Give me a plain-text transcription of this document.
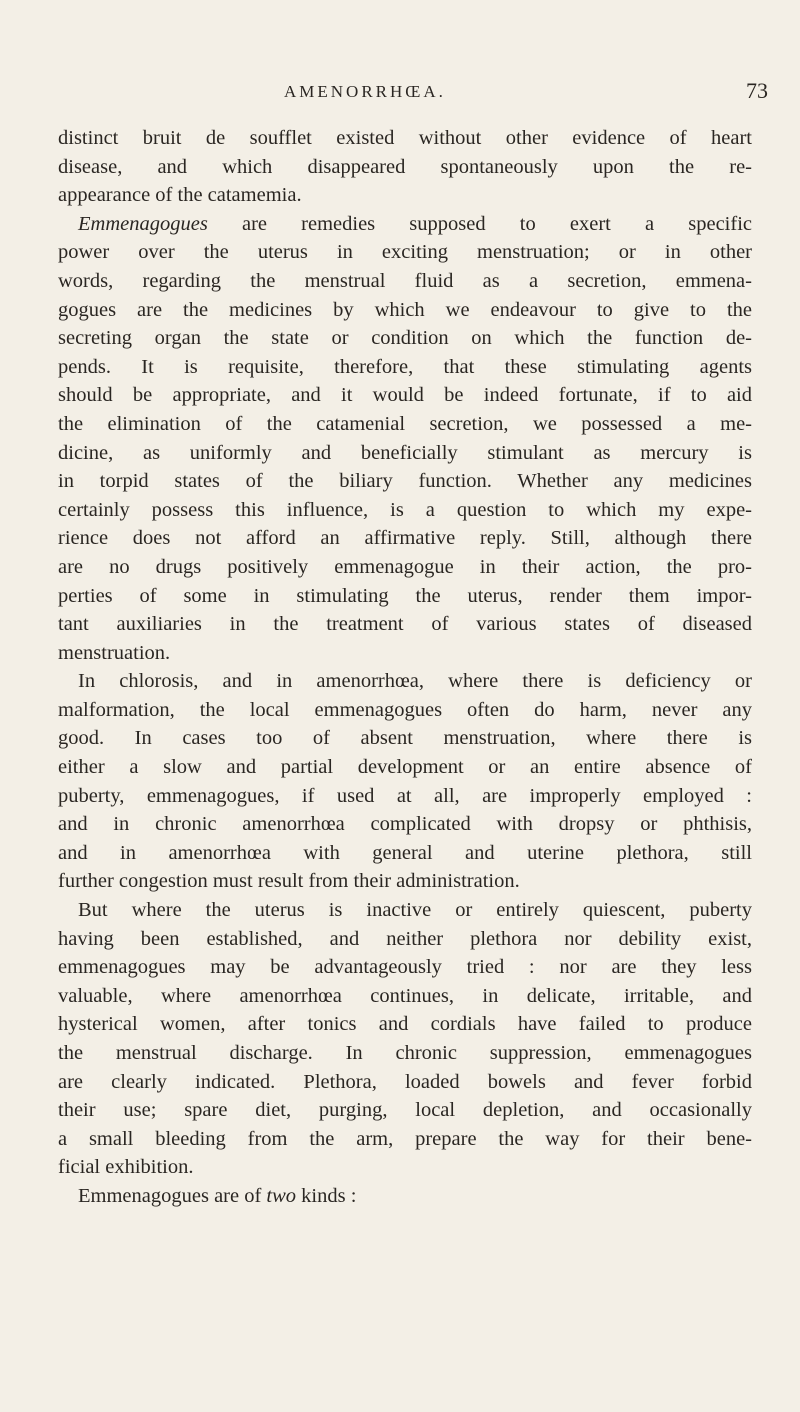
AMENORRHŒA.	73
distinct bruit de soufflet existed without other evidence of heart
disease, and which disappeared spontaneously upon the re-
appearance of the catamemia.
Emmenagogues are remedies supposed to exert a specific
power over the uterus in exciting menstruation; or in other
words, regarding the menstrual fluid as a secretion, emmena-
gogues are the medicines by which we endeavour to give to the
secreting organ the state or condition on which the function de-
pends. It is requisite, therefore, that these stimulating agents
should be appropriate, and it would be indeed fortunate, if to aid
the elimination of the catamenial secretion, we possessed a me-
dicine, as uniformly and beneficially stimulant as mercury is
in torpid states of the biliary function. Whether any medicines
certainly possess this influence, is a question to which my expe-
rience does not afford an affirmative reply. Still, although there
are no drugs positively emmenagogue in their action, the pro-
perties of some in stimulating the uterus, render them impor-
tant auxiliaries in the treatment of various states of diseased
menstruation.
In chlorosis, and in amenorrhœa, where there is deficiency or
malformation, the local emmenagogues often do harm, never any
good. In cases too of absent menstruation, where there is
either a slow and partial development or an entire absence of
puberty, emmenagogues, if used at all, are improperly employed :
and in chronic amenorrhœa complicated with dropsy or phthisis,
and in amenorrhœa with general and uterine plethora, still
further congestion must result from their administration.
But where the uterus is inactive or entirely quiescent, puberty
having been established, and neither plethora nor debility exist,
emmenagogues may be advantageously tried : nor are they less
valuable, where amenorrhœa continues, in delicate, irritable, and
hysterical women, after tonics and cordials have failed to produce
the menstrual discharge. In chronic suppression, emmenagogues
are clearly indicated. Plethora, loaded bowels and fever forbid
their use; spare diet, purging, local depletion, and occasionally
a small bleeding from the arm, prepare the way for their bene-
ficial exhibition.
Emmenagogues are of two kinds :
